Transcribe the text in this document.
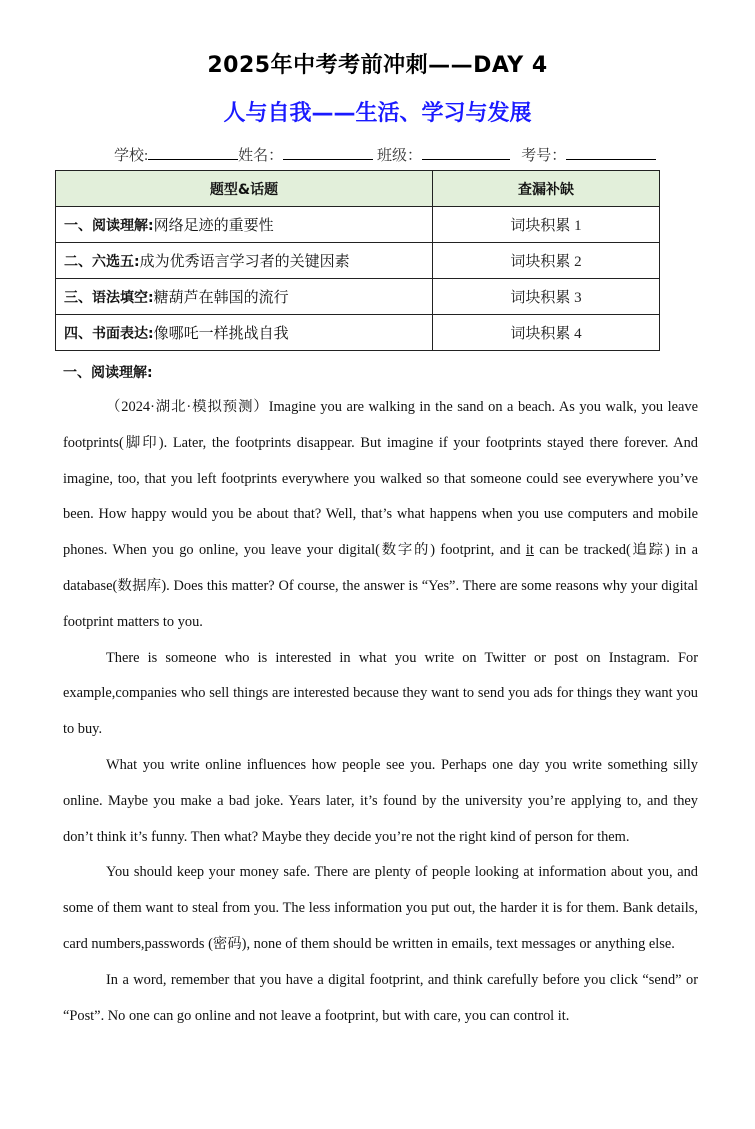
2025年中考考前冲刺——DAY 4
人与自我——生活、学习与发展
学校:	姓名：	班级：	考号：
题型&话题	查漏补缺
一、阅读理解:网络足迹的重要性	词块积累 1
二、六选五:成为优秀语言学习者的关键因素	词块积累 2
三、语法填空:糖葫芦在韩国的流行	词块积累 3
四、书面表达:像哪吒一样挑战自我	词块积累 4
一、阅读理解:

（2024·湖北·模拟预测）Imagine you are walking in the sand on a beach. As you walk, you leave footprints(脚印). Later, the footprints disappear. But imagine if your footprints stayed there forever. And imagine, too, that you left footprints everywhere you walked so that someone could see everywhere you’ve been. How happy would you be about that? Well, that’s what happens when you use computers and mobile phones. When you go online, you leave your digital(数字的) footprint, and it can be tracked(追踪) in a database(数据库). Does this matter? Of course, the answer is “Yes”. There are some reasons why your digital footprint matters to you.

There is someone who is interested in what you write on Twitter or post on Instagram. For example,companies who sell things are interested because they want to send you ads for things they want you to buy.

What you write online influences how people see you. Perhaps one day you write something silly online. Maybe you make a bad joke. Years later, it’s found by the university you’re applying to, and they don’t think it’s funny. Then what? Maybe they decide you’re not the right kind of person for them.

You should keep your money safe. There are plenty of people looking at information about you, and some of them want to steal from you. The less information you put out, the harder it is for them. Bank details, card numbers,passwords (密码), none of them should be written in emails, text messages or anything else.

In a word, remember that you have a digital footprint, and think carefully before you click “send” or “Post”. No one can go online and not leave a footprint, but with care, you can control it.
